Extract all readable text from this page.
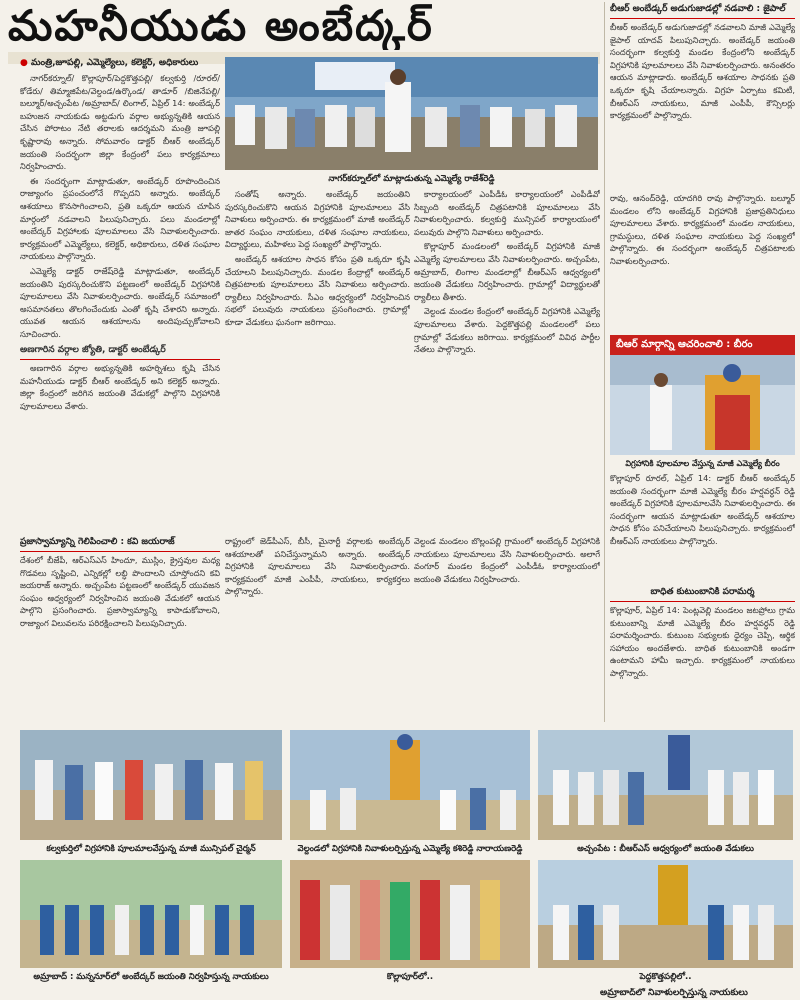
మహనీయుడు అంబేద్కర్
● మంత్రి,జూపల్లి, ఎమ్మెల్యేలు, కలెక్టర్, అధికారులు

నాగర్‌కర్నూల్/ కొల్లాపూర్/పెద్దకొత్తపల్లి/ కల్వకుర్తి /రూరల్/ కోడేరు/ తిమ్మాజిపేట/వెల్దండ/ఉర్కొండ/ తాడూర్ /బిజినేపల్లి/బల్మూర్/అచ్చంపేట /అమ్రాబాద్/ లింగాల్, ఏప్రిల్ 14: అంబేడ్కర్ బహుజన నాయకుడు అట్టడుగు వర్గాల అభ్యున్నతికి ఆయన చేసిన పోరాటం నేటి తరాలకు ఆదర్శమని మంత్రి జూపల్లి కృష్ణారావు అన్నారు. సోమవారం డాక్టర్ బీఆర్ అంబేడ్కర్ జయంతి సందర్భంగా జిల్లా కేంద్రంలో పలు కార్యక్రమాలు నిర్వహించారు.

ఈ సందర్భంగా మాట్లాడుతూ, అంబేడ్కర్ రూపొందించిన రాజ్యాంగం ప్రపంచంలోనే గొప్పదని అన్నారు. అంబేద్కర్ ఆశయాలు కొనసాగించాలని, ప్రతి ఒక్కరూ ఆయన చూపిన మార్గంలో నడవాలని పిలుపునిచ్చారు. పలు మండలాల్లో అంబేద్కర్ విగ్రహాలకు పూలమాలలు వేసి నివాళులర్పించారు. కార్యక్రమంలో ఎమ్మెల్యేలు, కలెక్టర్, అధికారులు, దళిత సంఘాల నాయకులు పాల్గొన్నారు.

ఎమ్మెల్యే డాక్టర్ రాజేష్‌రెడ్డి మాట్లాడుతూ, అంబేడ్కర్ జయంతిని పురస్కరించుకొని పట్టణంలో అంబేడ్కర్ విగ్రహానికి పూలమాలలు వేసి నివాళులర్పించారు. అంబేడ్కర్ సమాజంలో అసమానతలు తొలగించేందుకు ఎంతో కృషి చేశారని అన్నారు. యువత ఆయన ఆశయాలను అందిపుచ్చుకోవాలని సూచించారు.

అణగారిన వర్గాల జ్యోతి, డాక్టర్ అంబేడ్కర్

అణగారిన వర్గాల అభ్యున్నతికి అహర్నిశలు కృషి చేసిన మహనీయుడు డాక్టర్ బీఆర్ అంబేడ్కర్ అని కలెక్టర్ అన్నారు. జిల్లా కేంద్రంలో జరిగిన జయంతి వేడుకల్లో పాల్గొని విగ్రహానికి పూలమాలలు వేశారు.

నాగర్‌కర్నూల్‌లో మాట్లాడుతున్న ఎమ్మెల్యే రాజేశ్‌రెడ్డి

సంతోష్ అన్నారు. అంబేడ్కర్ జయంతిని పురస్కరించుకొని ఆయన విగ్రహానికి పూలమాలలు వేసి నివాళులు అర్పించారు. ఈ కార్యక్రమంలో మాజీ అంబేడ్కర్ జాతర సంఘం నాయకులు, దళిత సంఘాల నాయకులు, విద్యార్థులు, మహిళలు పెద్ద సంఖ్యలో పాల్గొన్నారు.

అంబేడ్కర్ ఆశయాల సాధన కోసం ప్రతి ఒక్కరూ కృషి చేయాలని పిలుపునిచ్చారు. మండల కేంద్రాల్లో అంబేడ్కర్ చిత్రపటాలకు పూలమాలలు వేసి నివాళులు అర్పించారు. ర్యాలీలు నిర్వహించారు. సీఎం ఆధ్వర్యంలో నిర్వహించిన సభలో పలువురు నాయకులు ప్రసంగించారు. గ్రామాల్లో కూడా వేడుకలు ఘనంగా జరిగాయి.

కార్యాలయంలో ఎంపీడీఓ కార్యాలయంలో ఎంపీడీవో సిబ్బంది అంబేడ్కర్ చిత్రపటానికి పూలమాలలు వేసి నివాళులర్పించారు. కల్వకుర్తి మున్సిపల్ కార్యాలయంలో పలువురు పాల్గొని నివాళులు అర్పించారు.

కొల్లాపూర్ మండలంలో అంబేడ్కర్ విగ్రహానికి మాజీ ఎమ్మెల్యే పూలమాలలు వేసి నివాళులర్పించారు. అచ్చంపేట, అమ్రాబాద్, లింగాల మండలాల్లో బీఆర్ఎస్ ఆధ్వర్యంలో జయంతి వేడుకలు నిర్వహించారు. గ్రామాల్లో విద్యార్థులతో ర్యాలీలు తీశారు.

వెల్దండ మండల కేంద్రంలో అంబేడ్కర్ విగ్రహానికి ఎమ్మెల్యే పూలమాలలు వేశారు. పెద్దకొత్తపల్లి మండలంలో పలు గ్రామాల్లో వేడుకలు జరిగాయి. కార్యక్రమంలో వివిధ పార్టీల నేతలు పాల్గొన్నారు.

ప్రజాస్వామ్యాన్ని గెలిపించాలి : కవి జయరాజ్
దేశంలో బీజేపీ, ఆర్ఎస్ఎస్ హిందూ, ముస్లిం, క్రైస్తవుల మధ్య గొడవలు సృష్టించి, ఎన్నికల్లో లబ్ధి పొందాలని చూస్తోందని కవి జయరాజ్ అన్నారు. అచ్చంపేట పట్టణంలో అంబేడ్కర్ యువజన సంఘం ఆధ్వర్యంలో నిర్వహించిన జయంతి వేడుకలో ఆయన పాల్గొని ప్రసంగించారు. ప్రజాస్వామ్యాన్ని కాపాడుకోవాలని, రాజ్యాంగ విలువలను పరిరక్షించాలని పిలుపునిచ్చారు.
రాష్ట్రంలో జెడ్‌పీఎస్, బీసీ, మైనార్టీ వర్గాలకు అంబేద్కర్ ఆశయాలతో పనిచేస్తున్నామని అన్నారు. అంబేడ్కర్ విగ్రహానికి పూలమాలలు వేసి నివాళులర్పించారు. కార్యక్రమంలో మాజీ ఎంపీపీ, నాయకులు, కార్యకర్తలు పాల్గొన్నారు.
వెల్దండ మండలం బొల్లంపల్లి గ్రామంలో అంబేద్కర్ విగ్రహానికి నాయకులు పూలమాలలు వేసి నివాళులర్పించారు. అలాగే వంగూర్ మండల కేంద్రంలో ఎంపీడీఓ కార్యాలయంలో జయంతి వేడుకలు నిర్వహించారు.
కల్వకుర్తిలో విగ్రహానికి పూలమాలవేస్తున్న మాజీ మున్సిపల్ చైర్మన్	వెల్దండలో విగ్రహానికి నివాళులర్పిస్తున్న ఎమ్మెల్యే కశిరెడ్డి నారాయణరెడ్డి	అచ్చంపేట : బీఆర్ఎస్ ఆధ్వర్యంలో జయంతి వేడుకలు
అమ్రాబాద్ : మన్ననూర్‌లో అంబేద్కర్ జయంతి నిర్వహిస్తున్న నాయకులు	కొల్లాపూర్‌లో..	పెద్దకొత్తపల్లిలో..
బీఆర్ అంబేడ్కర్ అడుగుజాడల్లో నడవాలి : జైపాల్
బీఆర్ అంబేడ్కర్ అడుగుజాడల్లో నడవాలని మాజీ ఎమ్మెల్యే జైపాల్ యాదవ్ పిలుపునిచ్చారు. అంబేడ్కర్ జయంతి సందర్భంగా కల్వకుర్తి మండల కేంద్రంలోని అంబేడ్కర్ విగ్రహానికి పూలమాలలు వేసి నివాళులర్పించారు. అనంతరం ఆయన మాట్లాడారు. అంబేడ్కర్ ఆశయాల సాధనకు ప్రతి ఒక్కరూ కృషి చేయాలన్నారు. విగ్రహ ఏర్పాటు కమిటీ, బీఆర్ఎస్ నాయకులు, మాజీ ఎంపీపీ, కౌన్సిలర్లు కార్యక్రమంలో పాల్గొన్నారు.
రావు, ఆనంద్‌రెడ్డి, యాదగిరి రావు పాల్గొన్నారు. బల్మూర్ మండలం లోని అంబేడ్కర్ విగ్రహానికి ప్రజాప్రతినిధులు పూలమాలలు వేశారు. కార్యక్రమంలో మండల నాయకులు, గ్రామస్థులు, దళిత సంఘాల నాయకులు పెద్ద సంఖ్యలో పాల్గొన్నారు. ఈ సందర్భంగా అంబేడ్కర్ చిత్రపటాలకు నివాళులర్పించారు.
బీఆర్ మార్గాన్ని ఆచరించాలి : బీరం
విగ్రహానికి పూలమాల వేస్తున్న మాజీ ఎమ్మెల్యే బీరం
కొల్లాపూర్ రూరల్, ఏప్రిల్ 14: డాక్టర్ బీఆర్ అంబేడ్కర్ జయంతి సందర్భంగా మాజీ ఎమ్మెల్యే బీరం హర్షవర్ధన్ రెడ్డి అంబేడ్కర్ విగ్రహానికి పూలమాలవేసి నివాళులర్పించారు. ఈ సందర్భంగా ఆయన మాట్లాడుతూ అంబేడ్కర్ ఆశయాల సాధన కోసం పనిచేయాలని పిలుపునిచ్చారు. కార్యక్రమంలో బీఆర్ఎస్ నాయకులు పాల్గొన్నారు.
బాధిత కుటుంబానికి పరామర్శ
కొల్లాపూర్, ఏప్రిల్ 14: పెంట్లవెల్లి మండలం జటప్రోలు గ్రామ కుటుంబాన్ని మాజీ ఎమ్మెల్యే బీరం హర్షవర్ధన్ రెడ్డి పరామర్శించారు. కుటుంబ సభ్యులకు ధైర్యం చెప్పి, ఆర్థిక సహాయం అందజేశారు. బాధిత కుటుంబానికి అండగా ఉంటామని హామీ ఇచ్చారు. కార్యక్రమంలో నాయకులు పాల్గొన్నారు.
అమ్రాబాద్‌లో నివాళులర్పిస్తున్న నాయకులు
